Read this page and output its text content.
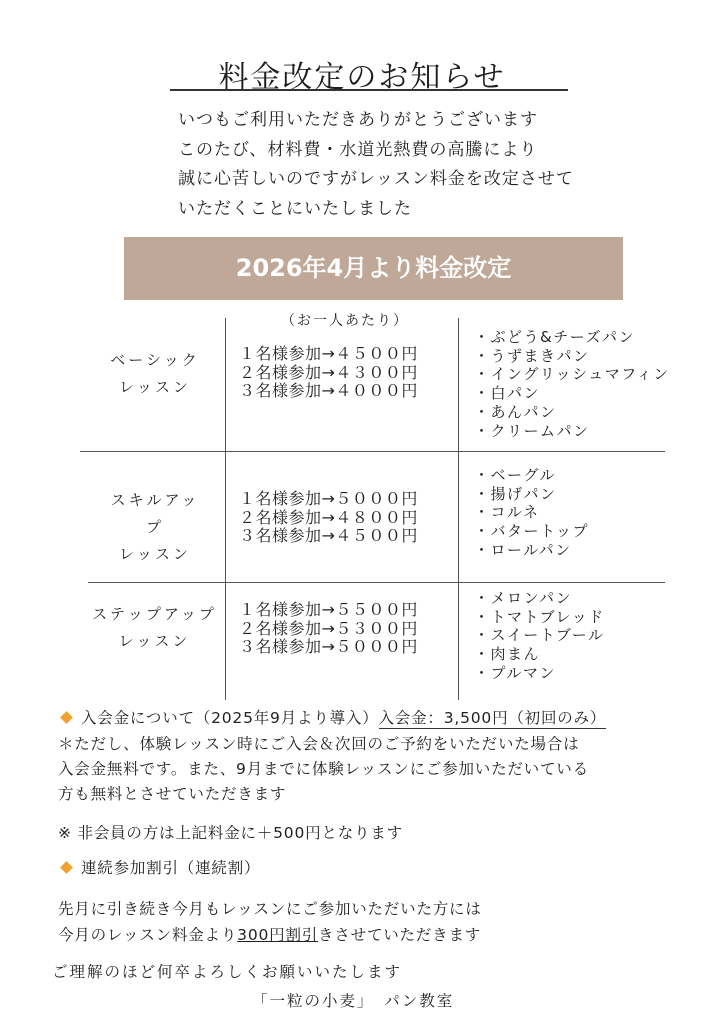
料金改定のお知らせ
いつもご利用いただきありがとうございます
このたび、材料費・水道光熱費の高騰により
誠に心苦しいのですがレッスン料金を改定させて
いただくことにいたしました
2026年4月より料金改定
（お一人あたり）
ベーシック
レッスン
１名様参加→４５００円
２名様参加→４３００円
３名様参加→４０００円
・ぶどう&チーズパン
・うずまきパン
・イングリッシュマフィン
・白パン
・あんパン
・クリームパン
スキルアッ
プ
レッスン
１名様参加→５０００円
２名様参加→４８００円
３名様参加→４５００円
・ベーグル
・揚げパン
・コルネ
・バタートップ
・ロールパン
ステップアップ
レッスン
１名様参加→５５００円
２名様参加→５３００円
３名様参加→５０００円
・メロンパン
・トマトブレッド
・スイートブール
・肉まん
・プルマン
入会金について（2025年9月より導入）入会金：3,500円（初回のみ）
＊ただし、体験レッスン時にご入会＆次回のご予約をいただいた場合は
入会金無料です。また、9月までに体験レッスンにご参加いただいている
方も無料とさせていただきます
※ 非会員の方は上記料金に＋500円となります
連続参加割引（連続割）
先月に引き続き今月もレッスンにご参加いただいた方には
今月のレッスン料金より300円割引きさせていただきます
ご理解のほど何卒よろしくお願いいたします
「一粒の小麦」　パン教室
